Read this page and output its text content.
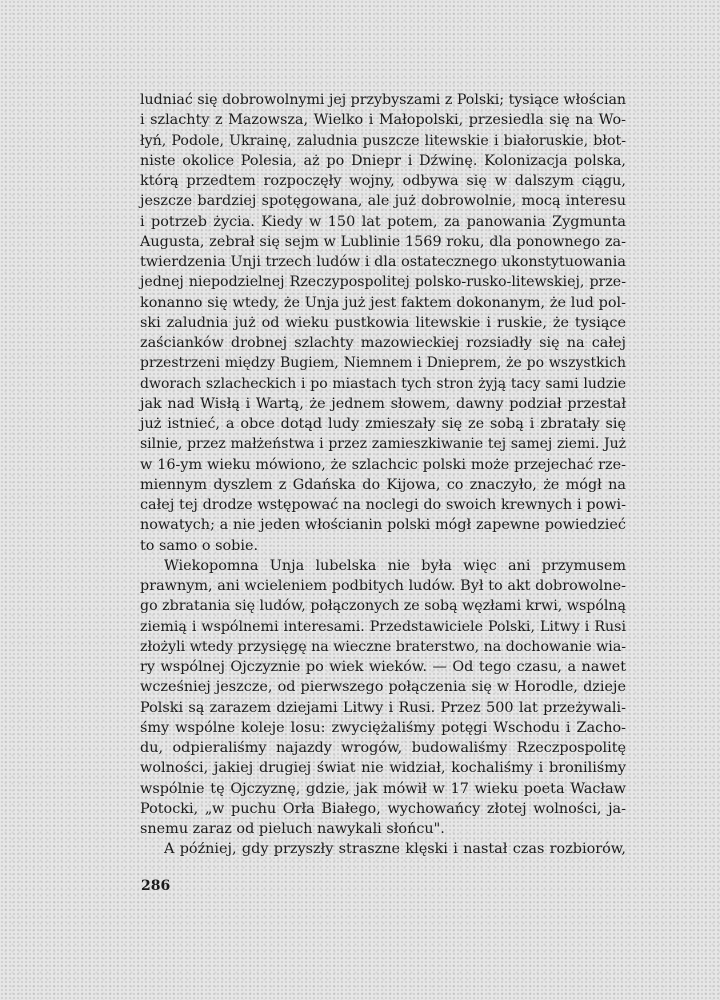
ludniać się dobrowolnymi jej przybyszami z Polski; tysiące włościan
i szlachty z Mazowsza, Wielko i Małopolski, przesiedla się na Wo-
łyń, Podole, Ukrainę, zaludnia puszcze litewskie i białoruskie, błot-
niste okolice Polesia, aż po Dniepr i Dźwinę. Kolonizacja polska,
którą przedtem rozpoczęły wojny, odbywa się w dalszym ciągu,
jeszcze bardziej spotęgowana, ale już dobrowolnie, mocą interesu
i potrzeb życia. Kiedy w 150 lat potem, za panowania Zygmunta
Augusta, zebrał się sejm w Lublinie 1569 roku, dla ponownego za-
twierdzenia Unji trzech ludów i dla ostatecznego ukonstytuowania
jednej niepodzielnej Rzeczypospolitej polsko-rusko-litewskiej, prze-
konanno się wtedy, że Unja już jest faktem dokonanym, że lud pol-
ski zaludnia już od wieku pustkowia litewskie i ruskie, że tysiące
zaścianków drobnej szlachty mazowieckiej rozsiadły się na całej
przestrzeni między Bugiem, Niemnem i Dnieprem, że po wszystkich
dworach szlacheckich i po miastach tych stron żyją tacy sami ludzie
jak nad Wisłą i Wartą, że jednem słowem, dawny podział przestał
już istnieć, a obce dotąd ludy zmieszały się ze sobą i zbratały się
silnie, przez małżeństwa i przez zamieszkiwanie tej samej ziemi. Już
w 16-ym wieku mówiono, że szlachcic polski może przejechać rze-
miennym dyszlem z Gdańska do Kijowa, co znaczyło, że mógł na
całej tej drodze wstępować na noclegi do swoich krewnych i powi-
nowatych; a nie jeden włościanin polski mógł zapewne powiedzieć
to samo o sobie.
Wiekopomna Unja lubelska nie była więc ani przymusem
prawnym, ani wcieleniem podbitych ludów. Był to akt dobrowolne-
go zbratania się ludów, połączonych ze sobą węzłami krwi, wspólną
ziemią i wspólnemi interesami. Przedstawiciele Polski, Litwy i Rusi
złożyli wtedy przysięgę na wieczne braterstwo, na dochowanie wia-
ry wspólnej Ojczyznie po wiek wieków. — Od tego czasu, a nawet
wcześniej jeszcze, od pierwszego połączenia się w Horodle, dzieje
Polski są zarazem dziejami Litwy i Rusi. Przez 500 lat przeżywali-
śmy wspólne koleje losu: zwyciężaliśmy potęgi Wschodu i Zacho-
du, odpieraliśmy najazdy wrogów, budowaliśmy Rzeczpospolitę
wolności, jakiej drugiej świat nie widział, kochaliśmy i broniliśmy
wspólnie tę Ojczyznę, gdzie, jak mówił w 17 wieku poeta Wacław
Potocki, „w puchu Orła Białego, wychowańcy złotej wolności, ja-
snemu zaraz od pieluch nawykali słońcu".
A później, gdy przyszły straszne klęski i nastał czas rozbiorów,
286
